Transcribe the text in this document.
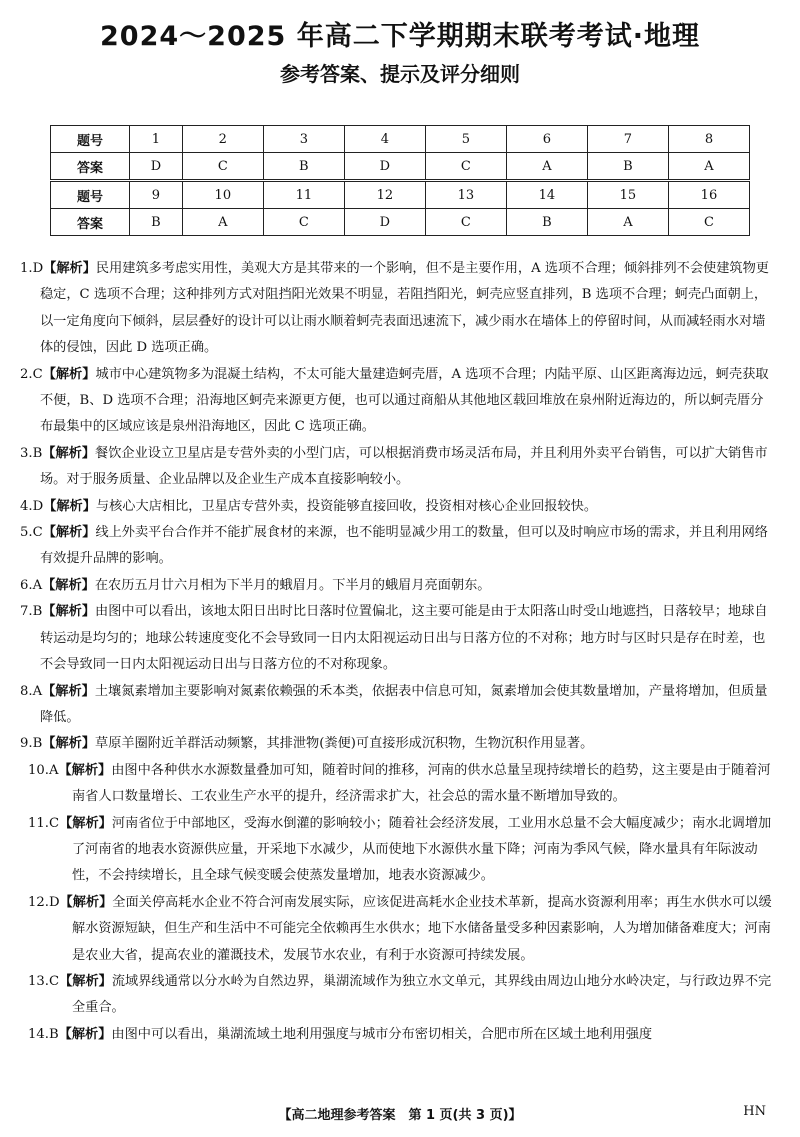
2024～2025 年高二下学期期末联考考试·地理
参考答案、提示及评分细则
题号	1	2	3	4	5	6	7	8
答案	D	C	B	D	C	A	B	A
题号	9	10	11	12	13	14	15	16
答案	B	A	C	D	C	B	A	C
1.D【解析】民用建筑多考虑实用性，美观大方是其带来的一个影响，但不是主要作用，A 选项不合理；倾斜排列不会使建筑物更稳定，C 选项不合理；这种排列方式对阻挡阳光效果不明显，若阻挡阳光，蚵壳应竖直排列，B 选项不合理；蚵壳凸面朝上，以一定角度向下倾斜，层层叠好的设计可以让雨水顺着蚵壳表面迅速流下，减少雨水在墙体上的停留时间，从而减轻雨水对墙体的侵蚀，因此 D 选项正确。
2.C【解析】城市中心建筑物多为混凝土结构，不太可能大量建造蚵壳厝，A 选项不合理；内陆平原、山区距离海边远，蚵壳获取不便，B、D 选项不合理；沿海地区蚵壳来源更方便，也可以通过商船从其他地区载回堆放在泉州附近海边的，所以蚵壳厝分布最集中的区域应该是泉州沿海地区，因此 C 选项正确。
3.B【解析】餐饮企业设立卫星店是专营外卖的小型门店，可以根据消费市场灵活布局，并且利用外卖平台销售，可以扩大销售市场。对于服务质量、企业品牌以及企业生产成本直接影响较小。
4.D【解析】与核心大店相比，卫星店专营外卖，投资能够直接回收，投资相对核心企业回报较快。
5.C【解析】线上外卖平台合作并不能扩展食材的来源，也不能明显减少用工的数量，但可以及时响应市场的需求，并且利用网络有效提升品牌的影响。
6.A【解析】在农历五月廿六月相为下半月的蛾眉月。下半月的蛾眉月亮面朝东。
7.B【解析】由图中可以看出，该地太阳日出时比日落时位置偏北，这主要可能是由于太阳落山时受山地遮挡，日落较早；地球自转运动是均匀的；地球公转速度变化不会导致同一日内太阳视运动日出与日落方位的不对称；地方时与区时只是存在时差，也不会导致同一日内太阳视运动日出与日落方位的不对称现象。
8.A【解析】土壤氮素增加主要影响对氮素依赖强的禾本类，依据表中信息可知，氮素增加会使其数量增加，产量将增加，但质量降低。
9.B【解析】草原羊圈附近羊群活动频繁，其排泄物(粪便)可直接形成沉积物，生物沉积作用显著。
10.A【解析】由图中各种供水水源数量叠加可知，随着时间的推移，河南的供水总量呈现持续增长的趋势，这主要是由于随着河南省人口数量增长、工农业生产水平的提升，经济需求扩大，社会总的需水量不断增加导致的。
11.C【解析】河南省位于中部地区，受海水倒灌的影响较小；随着社会经济发展，工业用水总量不会大幅度减少；南水北调增加了河南省的地表水资源供应量，开采地下水减少，从而使地下水源供水量下降；河南为季风气候，降水量具有年际波动性，不会持续增长，且全球气候变暖会使蒸发量增加，地表水资源减少。
12.D【解析】全面关停高耗水企业不符合河南发展实际，应该促进高耗水企业技术革新，提高水资源利用率；再生水供水可以缓解水资源短缺，但生产和生活中不可能完全依赖再生水供水；地下水储备量受多种因素影响，人为增加储备难度大；河南是农业大省，提高农业的灌溉技术，发展节水农业，有利于水资源可持续发展。
13.C【解析】流域界线通常以分水岭为自然边界，巢湖流域作为独立水文单元，其界线由周边山地分水岭决定，与行政边界不完全重合。
14.B【解析】由图中可以看出，巢湖流域土地利用强度与城市分布密切相关，合肥市所在区域土地利用强度
【高二地理参考答案　第 1 页(共 3 页)】	HN
